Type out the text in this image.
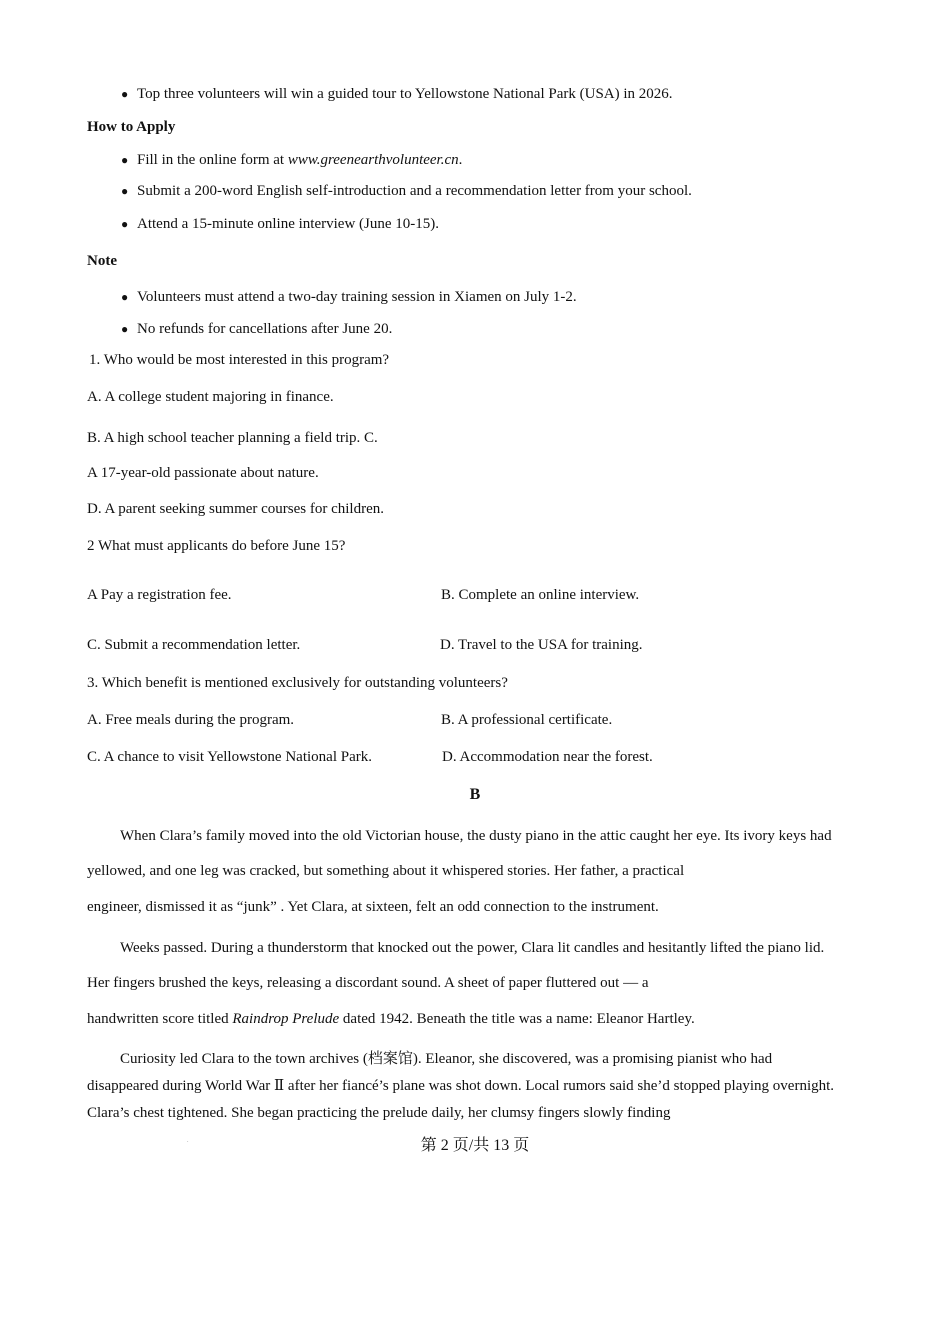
● Top three volunteers will win a guided tour to Yellowstone National Park (USA) in 2026.
How to Apply
● Fill in the online form at www.greenearthvolunteer.cn.
● Submit a 200-word English self-introduction and a recommendation letter from your school.
● Attend a 15-minute online interview (June 10-15).
Note
● Volunteers must attend a two-day training session in Xiamen on July 1-2.
● No refunds for cancellations after June 20.
1. Who would be most interested in this program?
A. A college student majoring in finance.
B. A high school teacher planning a field trip. C.
A 17-year-old passionate about nature.
D. A parent seeking summer courses for children.
2 What must applicants do before June 15?
A Pay a registration fee.	B. Complete an online interview.
C. Submit a recommendation letter.	D. Travel to the USA for training.
3. Which benefit is mentioned exclusively for outstanding volunteers?
A. Free meals during the program.	B. A professional certificate.
C. A chance to visit Yellowstone National Park.	D. Accommodation near the forest.
B
When Clara’s family moved into the old Victorian house, the dusty piano in the attic caught her eye. Its ivory keys had
yellowed, and one leg was cracked, but something about it whispered stories. Her father, a practical
engineer, dismissed it as “junk” . Yet Clara, at sixteen, felt an odd connection to the instrument.
Weeks passed. During a thunderstorm that knocked out the power, Clara lit candles and hesitantly lifted the piano lid.
Her fingers brushed the keys, releasing a discordant sound. A sheet of paper fluttered out — a
handwritten score titled Raindrop Prelude dated 1942. Beneath the title was a name: Eleanor Hartley.
Curiosity led Clara to the town archives (档案馆). Eleanor, she discovered, was a promising pianist who had
disappeared during World War Ⅱ after her fiancé’s plane was shot down. Local rumors said she’d stopped playing overnight.
Clara’s chest tightened. She began practicing the prelude daily, her clumsy fingers slowly finding
.	第 2 页/共 13 页
